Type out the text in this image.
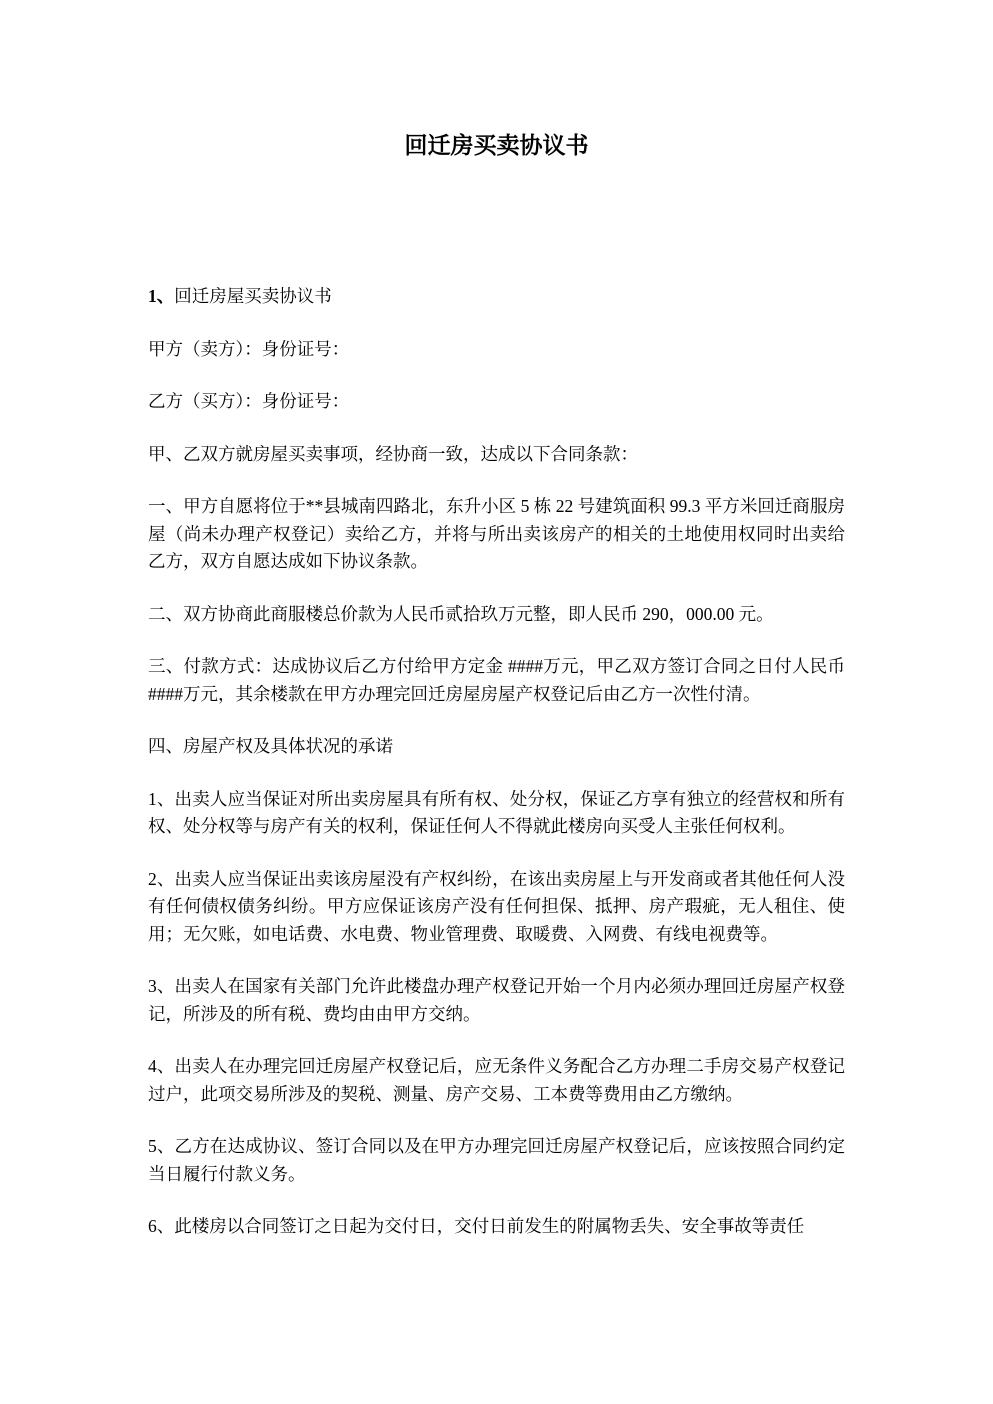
回迁房买卖协议书

1、回迁房屋买卖协议书

甲方（卖方）：身份证号：

乙方（买方）：身份证号：

甲、乙双方就房屋买卖事项，经协商一致，达成以下合同条款：

一、甲方自愿将位于**县城南四路北，东升小区 5 栋 22 号建筑面积 99.3 平方米回迁商服房屋（尚未办理产权登记）卖给乙方，并将与所出卖该房产的相关的土地使用权同时出卖给乙方，双方自愿达成如下协议条款。

二、双方协商此商服楼总价款为人民币贰拾玖万元整，即人民币 290，000.00 元。

三、付款方式：达成协议后乙方付给甲方定金 ####万元，甲乙双方签订合同之日付人民币####万元，其余楼款在甲方办理完回迁房屋房屋产权登记后由乙方一次性付清。

四、房屋产权及具体状况的承诺

1、出卖人应当保证对所出卖房屋具有所有权、处分权，保证乙方享有独立的经营权和所有权、处分权等与房产有关的权利，保证任何人不得就此楼房向买受人主张任何权利。

2、出卖人应当保证出卖该房屋没有产权纠纷，在该出卖房屋上与开发商或者其他任何人没有任何债权债务纠纷。甲方应保证该房产没有任何担保、抵押、房产瑕疵，无人租住、使用；无欠账，如电话费、水电费、物业管理费、取暖费、入网费、有线电视费等。

3、出卖人在国家有关部门允许此楼盘办理产权登记开始一个月内必须办理回迁房屋产权登记，所涉及的所有税、费均由由甲方交纳。

4、出卖人在办理完回迁房屋产权登记后，应无条件义务配合乙方办理二手房交易产权登记过户，此项交易所涉及的契税、测量、房产交易、工本费等费用由乙方缴纳。

5、乙方在达成协议、签订合同以及在甲方办理完回迁房屋产权登记后，应该按照合同约定当日履行付款义务。

6、此楼房以合同签订之日起为交付日，交付日前发生的附属物丢失、安全事故等责任
